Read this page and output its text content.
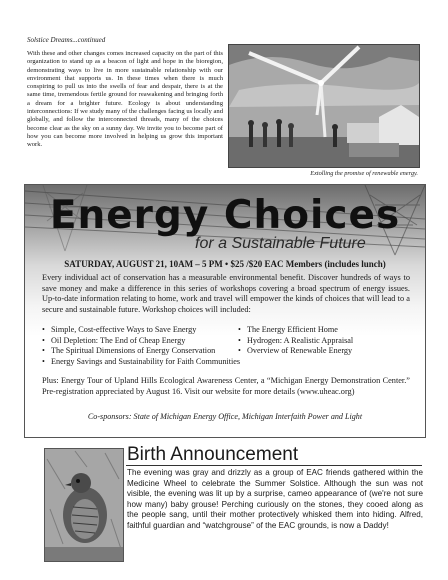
Solstice Dreams...continued
With these and other changes comes increased capacity on the part of this organization to stand up as a beacon of light and hope in the bioregion, demonstrating ways to live in more sustainable relationship with our environment that supports us. In these times when there is much conspiring to pull us into the swells of fear and despair, there is at the same time, tremendous fertile ground for reawakening and bringing forth a dream for a brighter future. Ecology is about understanding interconnections: If we study many of the challenges facing us locally and globally, and follow the interconnected threads, many of the choices become clear as the sky on a sunny day. We invite you to become part of how you can become more involved in helping us grow this important work.
Extolling the promise of renewable energy.
Energy Choices
for a Sustainable Future
SATURDAY, AUGUST 21, 10AM – 5 PM • $25 /$20 EAC Members (includes lunch)
Every individual act of conservation has a measurable environmental benefit. Discover hundreds of ways to save money and make a difference in this series of workshops covering a broad spectrum of energy issues. Up-to-date information relating to home, work and travel will empower the kinds of choices that will lead to a secure and sustainable future. Workshop choices will included:
• Simple, Cost-effective Ways to Save Energy
• Oil Depletion: The End of Cheap Energy
• The Spiritual Dimensions of Energy Conservation
• Energy Savings and Sustainability for Faith Communities
• The Energy Efficient Home
• Hydrogen: A Realistic Appraisal
• Overview of Renewable Energy
Plus: Energy Tour of Upland Hills Ecological Awareness Center, a “Michigan Energy Demonstration Center.” Pre-registration appreciated by August 16. Visit our website for more details (www.uheac.org)
Co-sponsors: State of Michigan Energy Office, Michigan Interfaith Power and Light
Birth Announcement
The evening was gray and drizzly as a group of EAC friends gathered within the Medicine Wheel to celebrate the Summer Solstice. Although the sun was not visible, the evening was lit up by a surprise, cameo appearance of (we're not sure how many) baby grouse! Perching curiously on the stones, they cooed along as the people sang, until their mother protectively whisked them into hiding. Alfred, faithful guardian and “watchgrouse” of the EAC grounds, is now a Daddy!
